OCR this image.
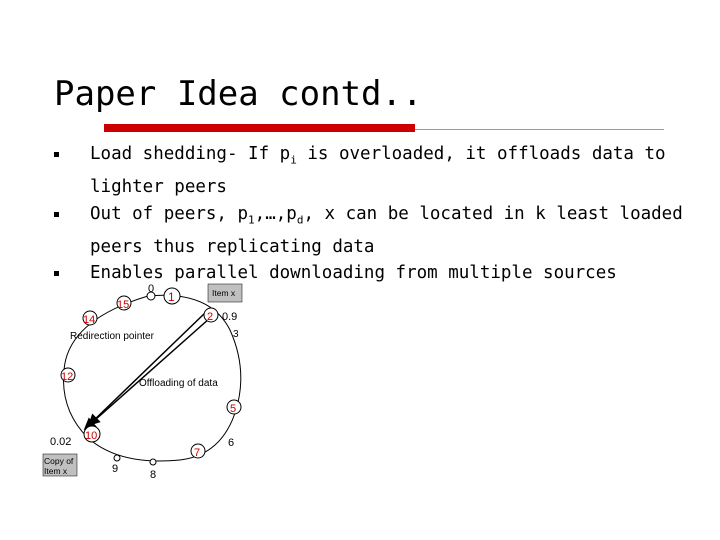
Paper Idea contd..
Load shedding- If $p_i$ is overloaded, it offloads data to lighter peers
Out of peers, $p_1,\dots,p_d$, x can be located in k least loaded peers thus replicating data
Enables parallel downloading from multiple sources
0
1
15
14	2
12
5
10
7
9	8
6
Item x
Copy of
Item x
0.9
3
0.02
Redirection pointer
Offloading of data
